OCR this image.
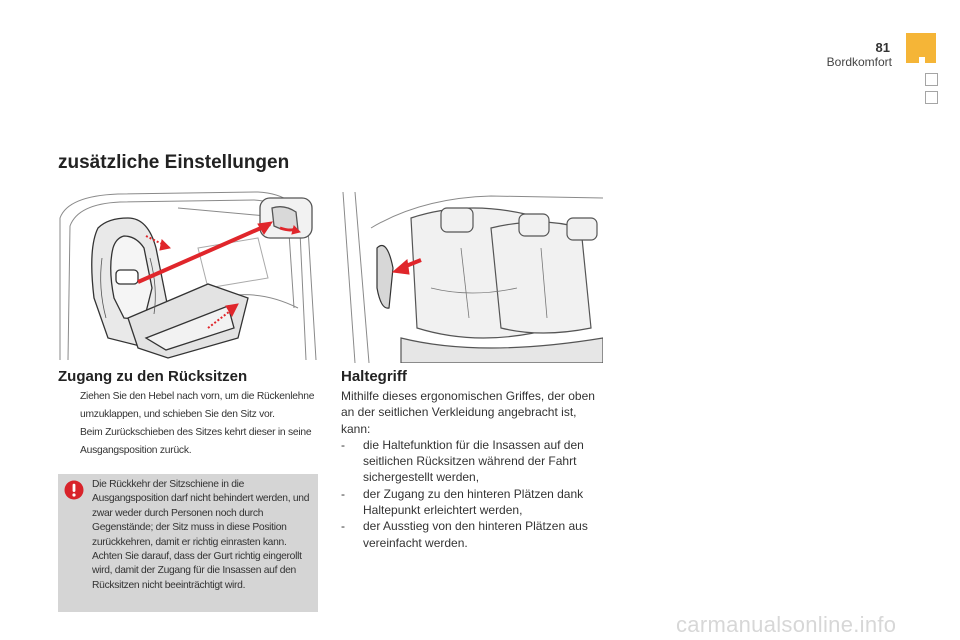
81
Bordkomfort
zusätzliche Einstellungen
Zugang zu den Rücksitzen

Ziehen Sie den Hebel nach vorn, um die Rückenlehne umzuklappen, und schieben Sie den Sitz vor.

Beim Zurückschieben des Sitzes kehrt dieser in seine Ausgangsposition zurück.

Die Rückkehr der Sitzschiene in die Ausgangsposition darf nicht behindert werden, und zwar weder durch Personen noch durch Gegenstände; der Sitz muss in diese Position zurückkehren, damit er richtig einrasten kann. Achten Sie darauf, dass der Gurt richtig eingerollt wird, damit der Zugang für die Insassen auf den Rücksitzen nicht beeinträchtigt wird.
Haltegriff

Mithilfe dieses ergonomischen Griffes, der oben an der seitlichen Verkleidung angebracht ist, kann:

-	die Haltefunktion für die Insassen auf den seitlichen Rücksitzen während der Fahrt sichergestellt werden,
-	der Zugang zu den hinteren Plätzen dank Haltepunkt erleichtert werden,
-	der Ausstieg von den hinteren Plätzen aus vereinfacht werden.
carmanualsonline.info
